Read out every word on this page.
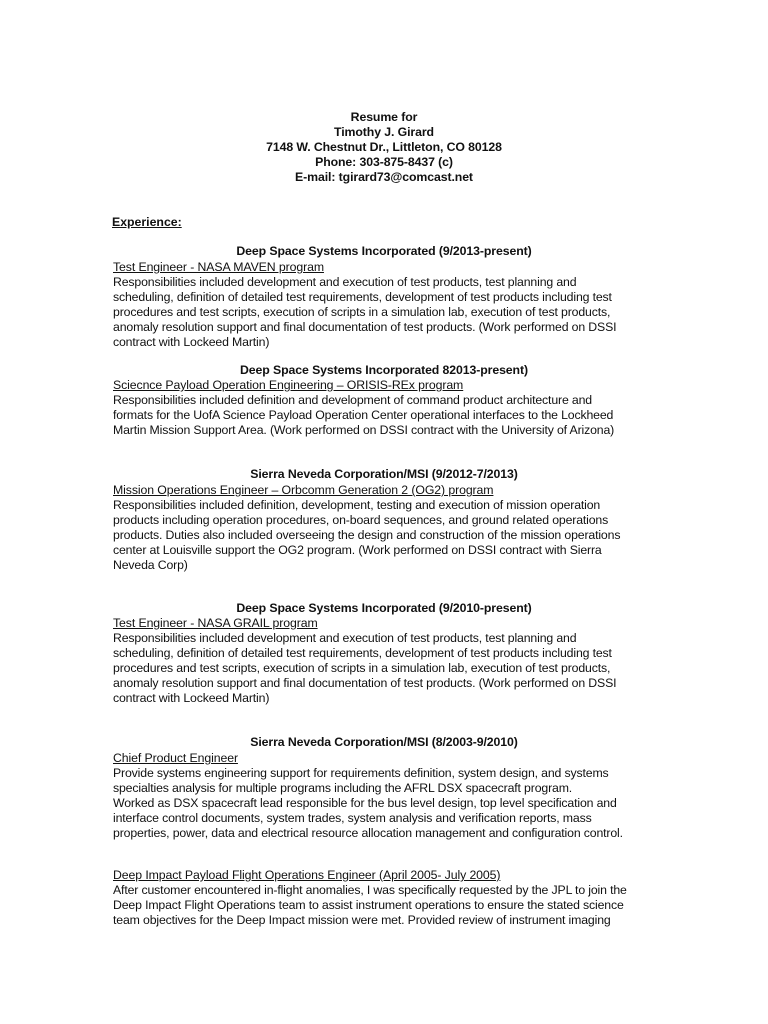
Resume for
Timothy J. Girard
7148 W. Chestnut Dr., Littleton, CO 80128
Phone: 303-875-8437 (c)
E-mail: tgirard73@comcast.net
Experience:
Deep Space Systems Incorporated (9/2013-present)
Test Engineer - NASA MAVEN program
Responsibilities included development and execution of test products, test planning and
scheduling, definition of detailed test requirements, development of test products including test
procedures and test scripts, execution of scripts in a simulation lab, execution of test products,
anomaly resolution support and final documentation of test products. (Work performed on DSSI
contract with Lockeed Martin)
Deep Space Systems Incorporated 82013-present)
Sciecnce Payload Operation Engineering – ORISIS-REx program
Responsibilities included definition and development of command product architecture and
formats for the UofA Science Payload Operation Center operational interfaces to the Lockheed
Martin Mission Support Area. (Work performed on DSSI contract with the University of Arizona)
Sierra Neveda Corporation/MSI (9/2012-7/2013)
Mission Operations Engineer – Orbcomm Generation 2 (OG2) program
Responsibilities included definition, development, testing and execution of mission operation
products including operation procedures, on-board sequences, and ground related operations
products. Duties also included overseeing the design and construction of the mission operations
center at Louisville support the OG2 program. (Work performed on DSSI contract with Sierra
Neveda Corp)
Deep Space Systems Incorporated (9/2010-present)
Test Engineer - NASA GRAIL program
Responsibilities included development and execution of test products, test planning and
scheduling, definition of detailed test requirements, development of test products including test
procedures and test scripts, execution of scripts in a simulation lab, execution of test products,
anomaly resolution support and final documentation of test products. (Work performed on DSSI
contract with Lockeed Martin)
Sierra Neveda Corporation/MSI (8/2003-9/2010)
Chief Product Engineer
Provide systems engineering support for requirements definition, system design, and systems
specialties analysis for multiple programs including the AFRL DSX spacecraft program.
Worked as DSX spacecraft lead responsible for the bus level design, top level specification and
interface control documents, system trades, system analysis and verification reports, mass
properties, power, data and electrical resource allocation management and configuration control.
Deep Impact Payload Flight Operations Engineer (April 2005- July 2005)
After customer encountered in-flight anomalies, I was specifically requested by the JPL to join the
Deep Impact Flight Operations team to assist instrument operations to ensure the stated science
team objectives for the Deep Impact mission were met. Provided review of instrument imaging
